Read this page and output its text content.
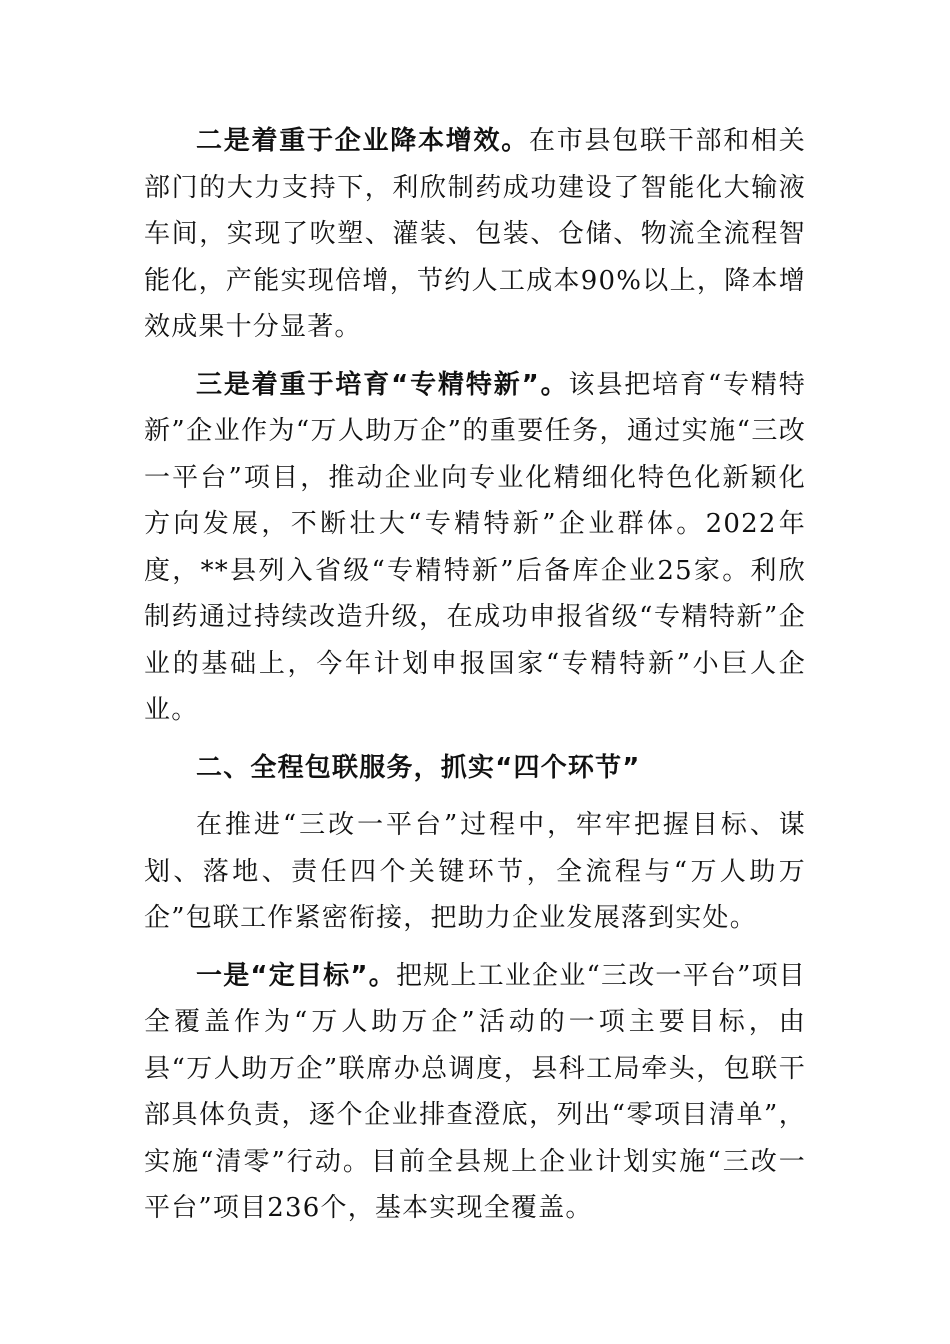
二是着重于企业降本增效。在市县包联干部和相关部门的大力支持下，利欣制药成功建设了智能化大输液车间，实现了吹塑、灌装、包装、仓储、物流全流程智能化，产能实现倍增，节约人工成本90%以上，降本增效成果十分显著。

三是着重于培育“专精特新”。该县把培育“专精特新”企业作为“万人助万企”的重要任务，通过实施“三改一平台”项目，推动企业向专业化精细化特色化新颖化方向发展，不断壮大“专精特新”企业群体。2022年度，**县列入省级“专精特新”后备库企业25家。利欣制药通过持续改造升级，在成功申报省级“专精特新”企业的基础上，今年计划申报国家“专精特新”小巨人企业。

二、全程包联服务，抓实“四个环节”

在推进“三改一平台”过程中，牢牢把握目标、谋划、落地、责任四个关键环节，全流程与“万人助万企”包联工作紧密衔接，把助力企业发展落到实处。

一是“定目标”。把规上工业企业“三改一平台”项目全覆盖作为“万人助万企”活动的一项主要目标，由县“万人助万企”联席办总调度，县科工局牵头，包联干部具体负责，逐个企业排查澄底，列出“零项目清单”，实施“清零”行动。目前全县规上企业计划实施“三改一平台”项目236个，基本实现全覆盖。
